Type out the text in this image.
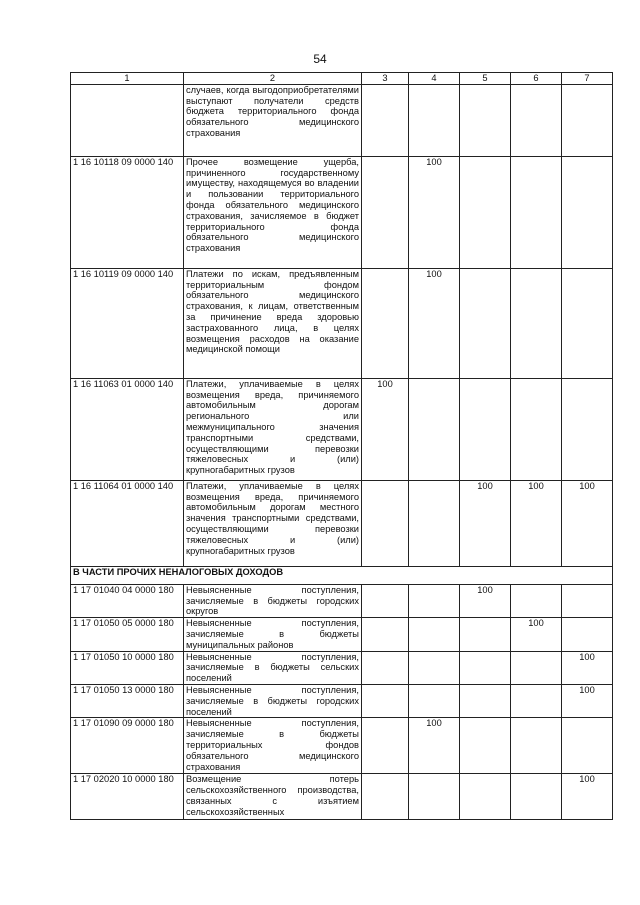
54
1	2	3	4	5	6	7
	случаев, когда выгодоприобретателями выступают получатели средств бюджета территориального фонда обязательного медицинского страхования					
1 16 10118 09 0000 140	Прочее возмещение ущерба, причиненного государственному имуществу, находящемуся во владении и пользовании территориального фонда обязательного медицинского страхования, зачисляемое в бюджет территориального фонда обязательного медицинского страхования		100			
1 16 10119 09 0000 140	Платежи по искам, предъявленным территориальным фондом обязательного медицинского страхования, к лицам, ответственным за причинение вреда здоровью застрахованного лица, в целях возмещения расходов на оказание медицинской помощи		100			
1 16 11063 01 0000 140	Платежи, уплачиваемые в целях возмещения вреда, причиняемого автомобильным дорогам регионального или межмуниципального значения транспортными средствами, осуществляющими перевозки тяжеловесных и (или) крупногабаритных грузов	100				
1 16 11064 01 0000 140	Платежи, уплачиваемые в целях возмещения вреда, причиняемого автомобильным дорогам местного значения транспортными средствами, осуществляющими перевозки тяжеловесных и (или) крупногабаритных грузов			100	100	100
В ЧАСТИ ПРОЧИХ НЕНАЛОГОВЫХ ДОХОДОВ						
1 17 01040 04 0000 180	Невыясненные поступления, зачисляемые в бюджеты городских округов			100		
1 17 01050 05 0000 180	Невыясненные поступления, зачисляемые в бюджеты муниципальных районов				100	
1 17 01050 10 0000 180	Невыясненные поступления, зачисляемые в бюджеты сельских поселений					100
1 17 01050 13 0000 180	Невыясненные поступления, зачисляемые в бюджеты городских поселений					100
1 17 01090 09 0000 180	Невыясненные поступления, зачисляемые в бюджеты территориальных фондов обязательного медицинского страхования		100			
1 17 02020 10 0000 180	Возмещение потерь сельскохозяйственного производства, связанных с изъятием сельскохозяйственных					100
